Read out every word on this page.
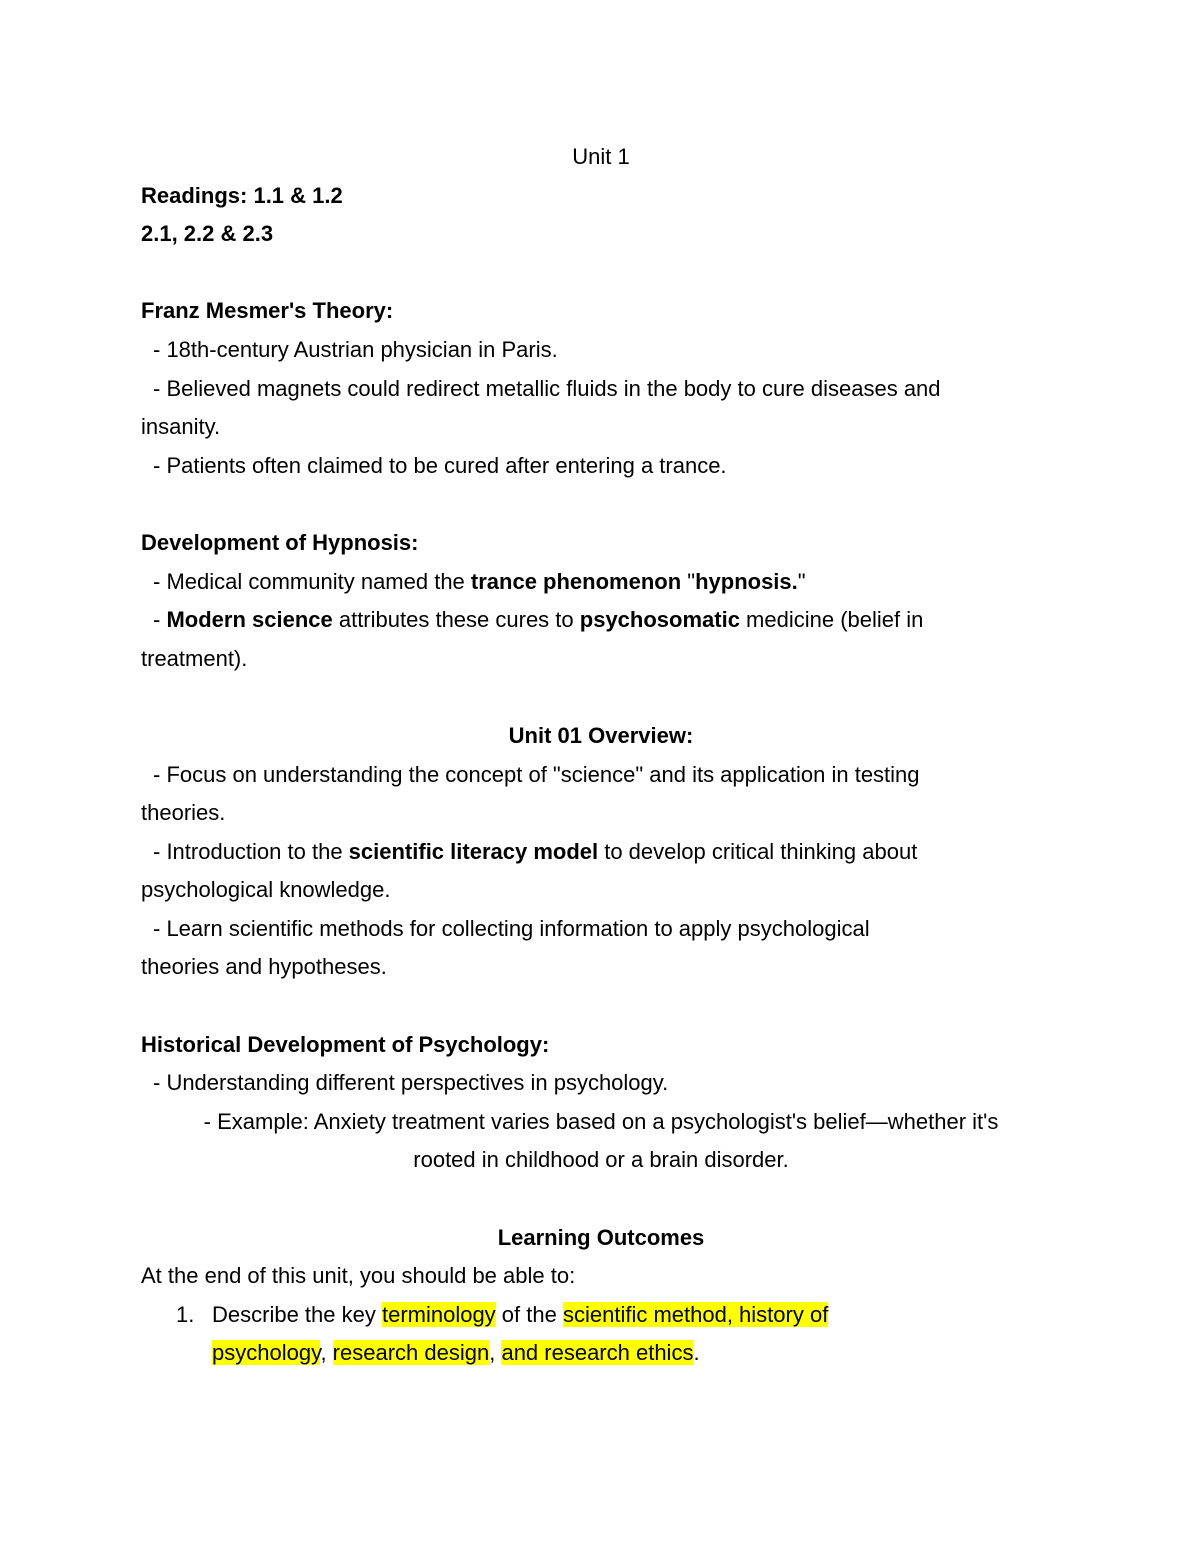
Unit 1

Readings: 1.1 & 1.2

2.1, 2.2 & 2.3

Franz Mesmer's Theory:

- 18th-century Austrian physician in Paris.

- Believed magnets could redirect metallic fluids in the body to cure diseases and

insanity.

- Patients often claimed to be cured after entering a trance.

Development of Hypnosis:

- Medical community named the trance phenomenon "hypnosis."

- Modern science attributes these cures to psychosomatic medicine (belief in

treatment).

Unit 01 Overview:

- Focus on understanding the concept of "science" and its application in testing

theories.

- Introduction to the scientific literacy model to develop critical thinking about

psychological knowledge.

- Learn scientific methods for collecting information to apply psychological

theories and hypotheses.

Historical Development of Psychology:

- Understanding different perspectives in psychology.

- Example: Anxiety treatment varies based on a psychologist's belief—whether it's

rooted in childhood or a brain disorder.

Learning Outcomes

At the end of this unit, you should be able to:

1. Describe the key terminology of the scientific method, history of

psychology, research design, and research ethics.
